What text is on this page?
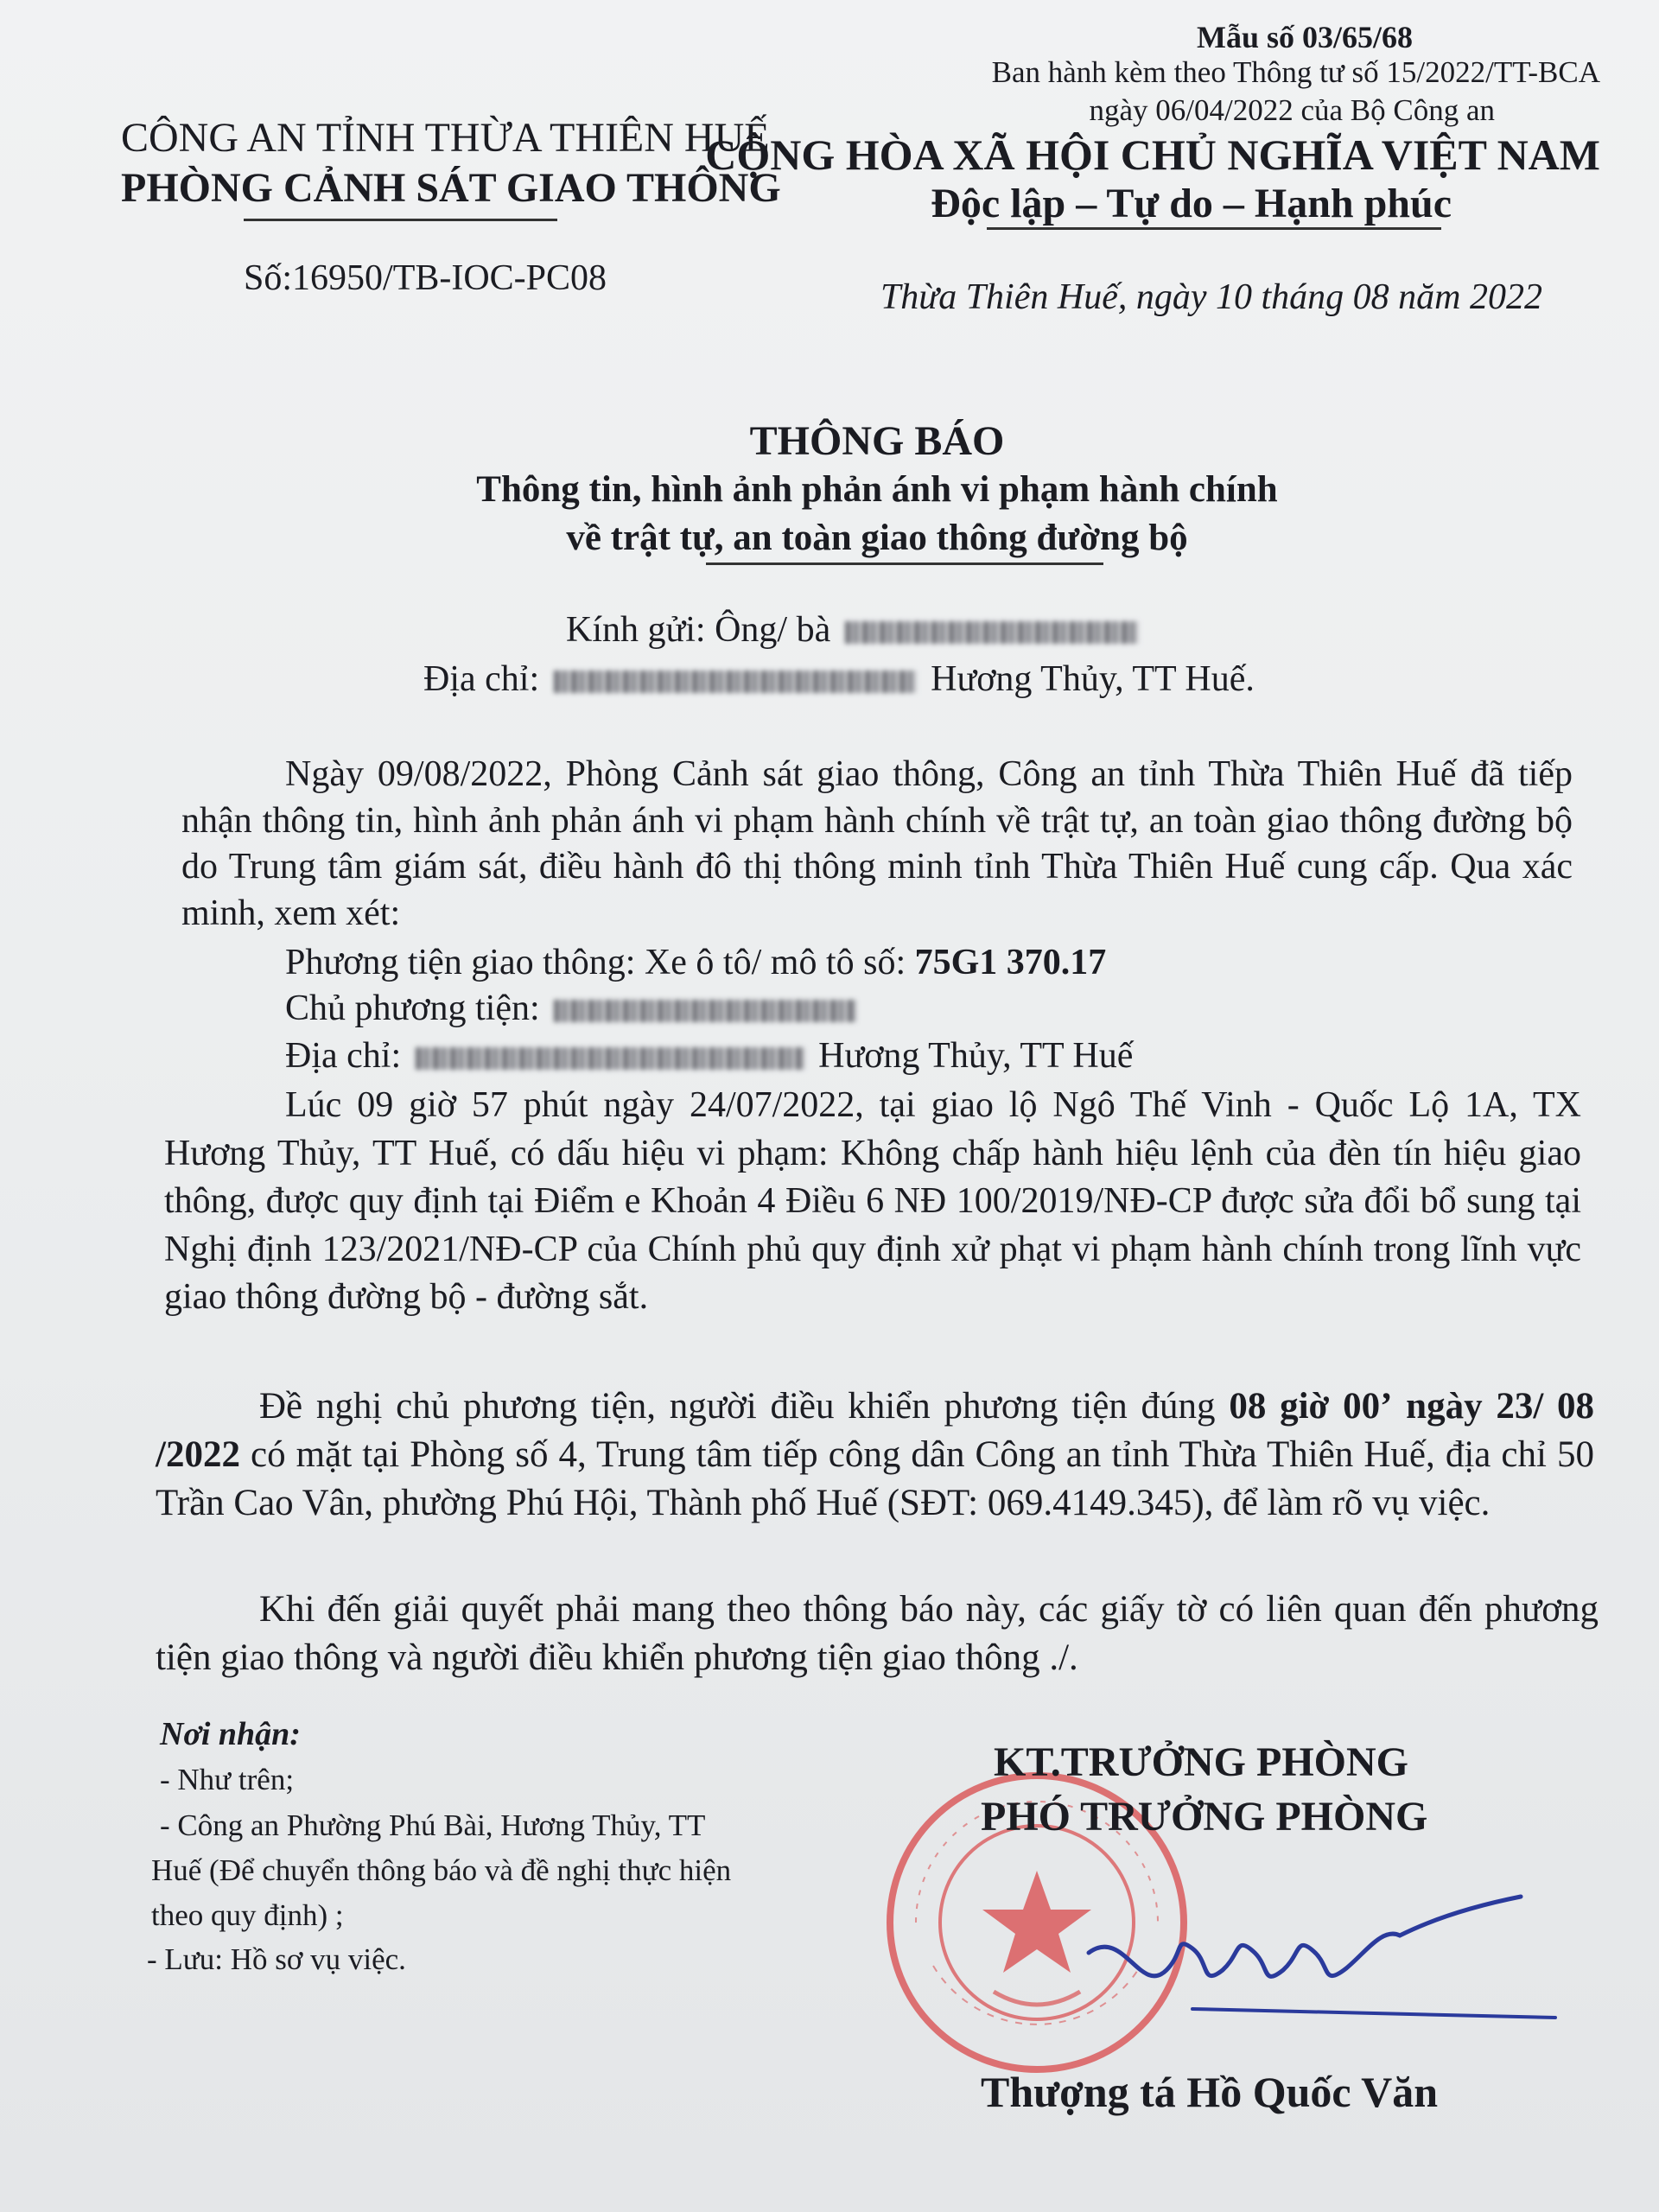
Mẫu số 03/65/68
Ban hành kèm theo Thông tư số 15/2022/TT-BCA
ngày 06/04/2022 của Bộ Công an
CÔNG AN TỈNH THỪA THIÊN HUẾ
PHÒNG CẢNH SÁT GIAO THÔNG
CỘNG HÒA XÃ HỘI CHỦ NGHĨA VIỆT NAM
Độc lập – Tự do – Hạnh phúc
Số:16950/TB-IOC-PC08	Thừa Thiên Huế, ngày 10 tháng 08 năm 2022
THÔNG BÁO
Thông tin, hình ảnh phản ánh vi phạm hành chính
về trật tự, an toàn giao thông đường bộ
Kính gửi: Ông/ bà
Địa chỉ:	Hương Thủy, TT Huế.
Ngày 09/08/2022, Phòng Cảnh sát giao thông, Công an tỉnh Thừa Thiên Huế đã tiếp nhận thông tin, hình ảnh phản ánh vi phạm hành chính về trật tự, an toàn giao thông đường bộ do Trung tâm giám sát, điều hành đô thị thông minh tỉnh Thừa Thiên Huế cung cấp. Qua xác minh, xem xét:
Phương tiện giao thông: Xe ô tô/ mô tô số: 75G1 370.17
Chủ phương tiện:
Địa chỉ:	Hương Thủy, TT Huế
Lúc 09 giờ 57 phút ngày 24/07/2022, tại giao lộ Ngô Thế Vinh - Quốc Lộ 1A, TX Hương Thủy, TT Huế, có dấu hiệu vi phạm: Không chấp hành hiệu lệnh của đèn tín hiệu giao thông, được quy định tại Điểm e Khoản 4 Điều 6 NĐ 100/2019/NĐ-CP được sửa đổi bổ sung tại Nghị định 123/2021/NĐ-CP của Chính phủ quy định xử phạt vi phạm hành chính trong lĩnh vực giao thông đường bộ - đường sắt.
Đề nghị chủ phương tiện, người điều khiển phương tiện đúng 08 giờ 00’ ngày 23/ 08 /2022 có mặt tại Phòng số 4, Trung tâm tiếp công dân Công an tỉnh Thừa Thiên Huế, địa chỉ 50 Trần Cao Vân, phường Phú Hội, Thành phố Huế (SĐT: 069.4149.345), để làm rõ vụ việc.
Khi đến giải quyết phải mang theo thông báo này, các giấy tờ có liên quan đến phương tiện giao thông và người điều khiển phương tiện giao thông ./.
Nơi nhận:
- Như trên;
- Công an Phường Phú Bài, Hương Thủy, TT
Huế (Để chuyển thông báo và đề nghị thực hiện
theo quy định) ;
- Lưu: Hồ sơ vụ việc.
KT.TRƯỞNG PHÒNG
PHÓ TRƯỞNG PHÒNG
Thượng tá Hồ Quốc Văn
